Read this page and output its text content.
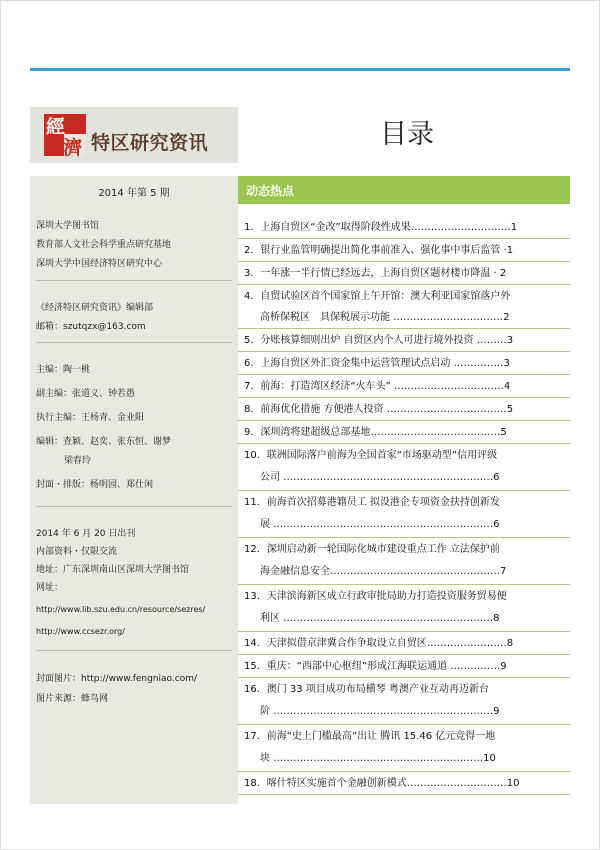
經
濟 特区研究资讯
2014 年第 5 期
深圳大学图书馆
教育部人文社会科学重点研究基地
深圳大学中国经济特区研究中心
《经济特区研究资讯》编辑部
邮箱：szutqzx@163.com
主编：陶一桃
副主编：张道义、钟若愚
执行主编：王杨青、金业阳
编辑：查颖、赵奕、张东恒、谢梦
梁春玲
封面・排版：杨明园、郑仕闲
2014 年 6 月 20 日出刊
内部资料・仅限交流
地址：广东深圳南山区深圳大学图书馆
网址：
http://www.lib.szu.edu.cn/resource/sezres/
http://www.ccsezr.org/
封面图片：http://www.fengniao.com/
图片来源：蜂鸟网
目录
动态热点
1．上海自贸区“金改”取得阶段性成果…………………………1
2．银行业监管明确提出简化事前准入、强化事中事后监管 ·1
3．一年涨一半行情已经远去，上海自贸区题材楼市降温 · 2
4．自贸试验区首个国家馆上午开馆：澳大利亚国家馆落户外
高桥保税区　具保税展示功能 ……………………………2
5．分账核算细则出炉 自贸区内个人可进行境外投资 ………3
6．上海自贸区外汇资金集中运营管理试点启动 ……………3
7．前海：打造湾区经济“火车头” ……………………………4
8．前海优化措施 方便港人投资 ………………………………5
9．深圳湾将建超级总部基地…………………………………5
10．联洲国际落户前海为全国首家“市场驱动型”信用评级
公司 ………………………………………………………6
11．前海首次招募港籍员工 拟设港企专项资金扶持创新发
展 …………………………………………………………6
12．深圳启动新一轮国际化城市建设重点工作 立法保护前
海金融信息安全……………………………………………7
13．天津滨海新区成立行政审批局助力打造投资服务贸易便
利区 ………………………………………………………8
14．天津拟借京津冀合作争取设立自贸区……………………8
15．重庆：“西部中心枢纽”形成江海联运通道 ……………9
16．澳门 33 项目成功布局横琴 粤澳产业互动再迈新台
阶 …………………………………………………………9
17．前海“史上门槛最高”出让 腾讯 15.46 亿元竞得一地
块 ………………………………………………………10
18．喀什特区实施首个金融创新模式…………………………10
